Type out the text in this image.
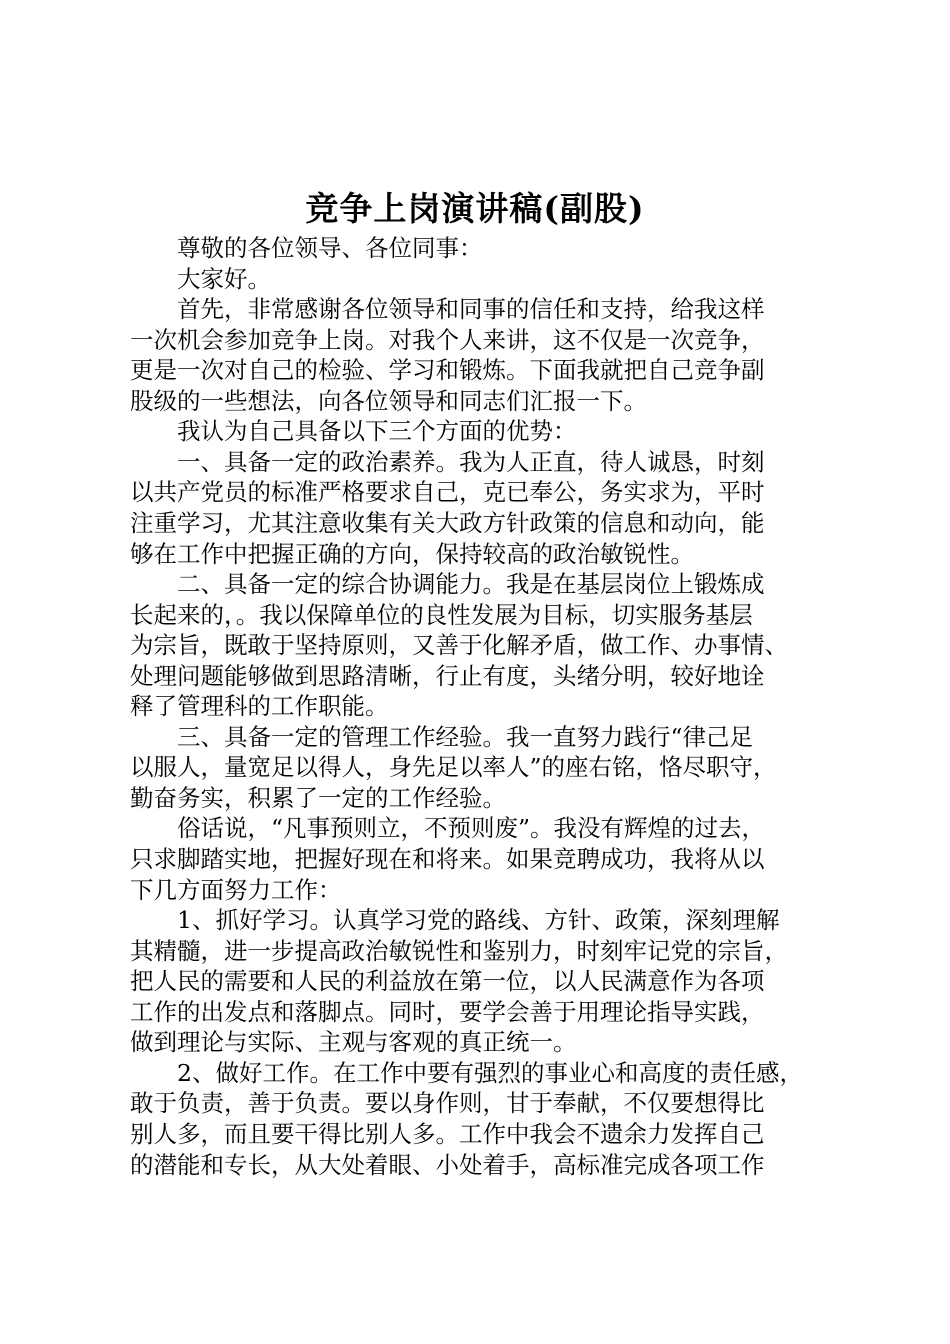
竞争上岗演讲稿(副股)

　　尊敬的各位领导、各位同事：

　　大家好。

　　首先，非常感谢各位领导和同事的信任和支持，给我这样

一次机会参加竞争上岗。对我个人来讲，这不仅是一次竞争，

更是一次对自己的检验、学习和锻炼。下面我就把自己竞争副

股级的一些想法，向各位领导和同志们汇报一下。

　　我认为自己具备以下三个方面的优势：

　　一、具备一定的政治素养。我为人正直，待人诚恳，时刻

以共产党员的标准严格要求自己，克已奉公，务实求为，平时

注重学习，尤其注意收集有关大政方针政策的信息和动向，能

够在工作中把握正确的方向，保持较高的政治敏锐性。

　　二、具备一定的综合协调能力。我是在基层岗位上锻炼成

长起来的，。我以保障单位的良性发展为目标，切实服务基层

为宗旨，既敢于坚持原则，又善于化解矛盾，做工作、办事情、

处理问题能够做到思路清晰，行止有度，头绪分明，较好地诠

释了管理科的工作职能。

　　三、具备一定的管理工作经验。我一直努力践行“律己足

以服人，量宽足以得人，身先足以率人”的座右铭，恪尽职守，

勤奋务实，积累了一定的工作经验。

　　俗话说，“凡事预则立，不预则废”。我没有辉煌的过去，

只求脚踏实地，把握好现在和将来。如果竞聘成功，我将从以

下几方面努力工作：

　　1、抓好学习。认真学习党的路线、方针、政策，深刻理解

其精髓，进一步提高政治敏锐性和鉴别力，时刻牢记党的宗旨，

把人民的需要和人民的利益放在第一位，以人民满意作为各项

工作的出发点和落脚点。同时，要学会善于用理论指导实践，

做到理论与实际、主观与客观的真正统一。

　　2、做好工作。在工作中要有强烈的事业心和高度的责任感，

敢于负责，善于负责。要以身作则，甘于奉献，不仅要想得比

别人多，而且要干得比别人多。工作中我会不遗余力发挥自己

的潜能和专长，从大处着眼、小处着手，高标准完成各项工作
